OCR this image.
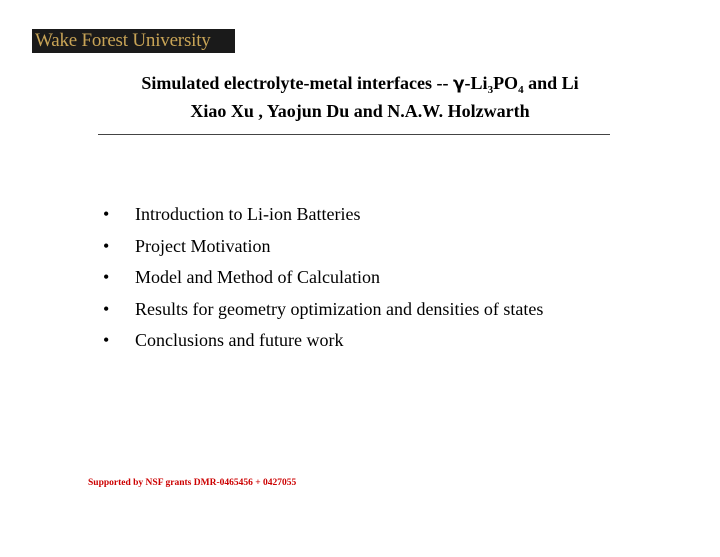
Wake Forest University
Simulated electrolyte-metal interfaces -- $\gamma-Li_3PO_4$ and Li
Xiao Xu , Yaojun Du and N.A.W. Holzwarth
• Introduction to Li-ion Batteries
• Project Motivation
• Model and Method of Calculation
• Results for geometry optimization and densities of states
• Conclusions and future work
Supported by NSF grants DMR-0465456 + 0427055
